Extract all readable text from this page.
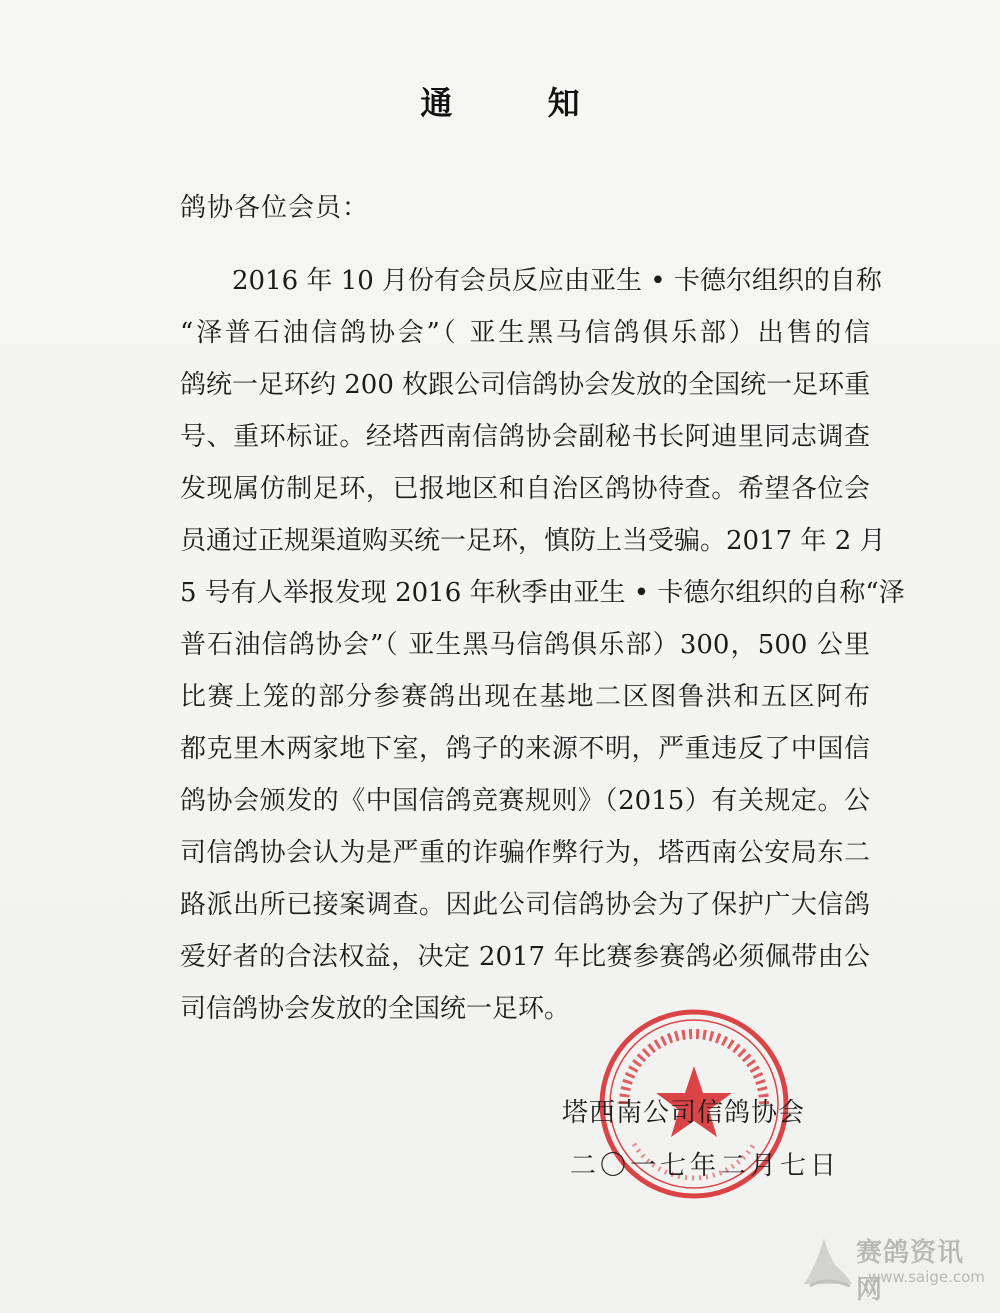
通 知
鸽协各位会员：
2016 年 10 月份有会员反应由亚生 • 卡德尔组织的自称
“泽普石油信鸽协会”（ 亚生黑马信鸽俱乐部）出售的信
鸽统一足环约 200 枚跟公司信鸽协会发放的全国统一足环重
号、重环标证。经塔西南信鸽协会副秘书长阿迪里同志调查
发现属仿制足环，已报地区和自治区鸽协待查。希望各位会
员通过正规渠道购买统一足环，慎防上当受骗。2017 年 2 月
5 号有人举报发现 2016 年秋季由亚生 • 卡德尔组织的自称“泽
普石油信鸽协会”（ 亚生黑马信鸽俱乐部）300，500 公里
比赛上笼的部分参赛鸽出现在基地二区图鲁洪和五区阿布
都克里木两家地下室，鸽子的来源不明，严重违反了中国信
鸽协会颁发的《中国信鸽竞赛规则》（2015）有关规定。公
司信鸽协会认为是严重的诈骗作弊行为，塔西南公安局东二
路派出所已接案调查。因此公司信鸽协会为了保护广大信鸽
爱好者的合法权益，决定 2017 年比赛参赛鸽必须佩带由公
司信鸽协会发放的全国统一足环。
塔西南公司信鸽协会
二〇一七年二月七日
赛鸽资讯网
www.saige.com
